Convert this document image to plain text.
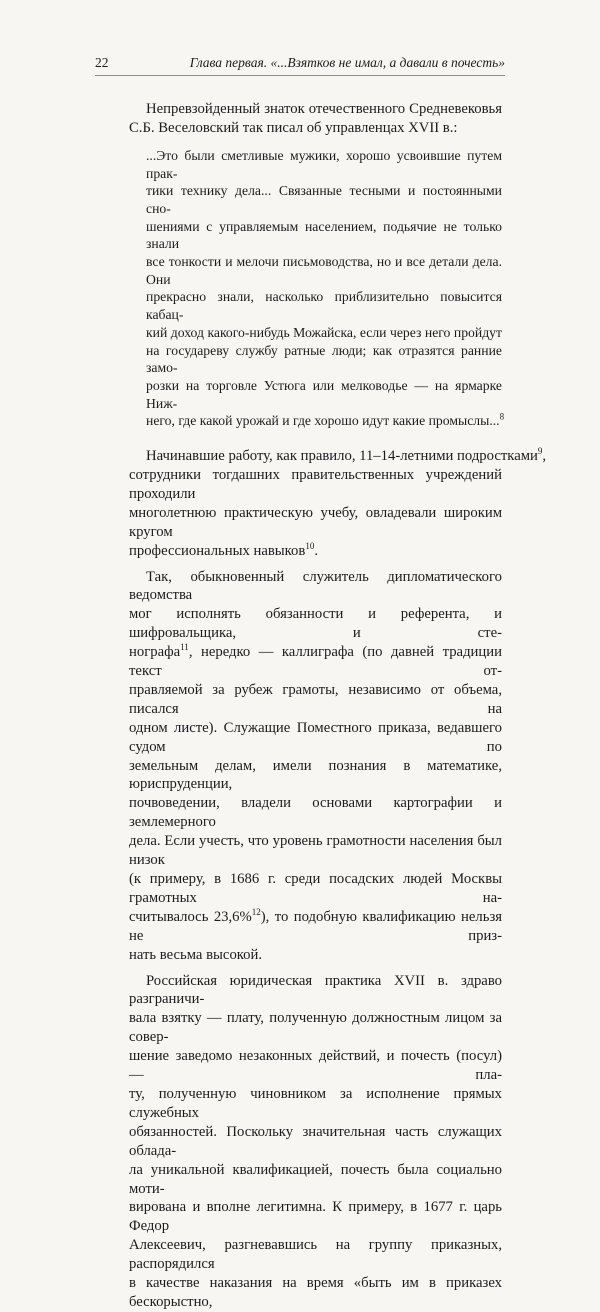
22	Глава первая. «...Взятков не имал, а давали в почесть»
Непревзойденный знаток отечественного Средневековья
С.Б. Веселовский так писал об управленцах XVII в.:
...Это были сметливые мужики, хорошо усвоившие путем прак-
тики технику дела... Связанные тесными и постоянными сно-
шениями с управляемым населением, подьячие не только знали
все тонкости и мелочи письмоводства, но и все детали дела. Они
прекрасно знали, насколько приблизительно повысится кабац-
кий доход какого-нибудь Можайска, если через него пройдут
на государеву службу ратные люди; как отразятся ранние замо-
розки на торговле Устюга или мелководье — на ярмарке Ниж-
него, где какой урожай и где хорошо идут какие промыслы...$^8$
Начинавшие работу, как правило, 11–14-летними подростками$^9$,
сотрудники тогдашних правительственных учреждений проходили
многолетнюю практическую учебу, овладевали широким кругом
профессиональных навыков$^{10}$.
Так, обыкновенный служитель дипломатического ведомства
мог исполнять обязанности и референта, и шифровальщика, и сте-
нографа$^{11}$, нередко — каллиграфа (по давней традиции текст от-
правляемой за рубеж грамоты, независимо от объема, писался на
одном листе). Служащие Поместного приказа, ведавшего судом по
земельным делам, имели познания в математике, юриспруденции,
почвоведении, владели основами картографии и землемерного
дела. Если учесть, что уровень грамотности населения был низок
(к примеру, в 1686 г. среди посадских людей Москвы грамотных на-
считывалось 23,6%$^{12}$), то подобную квалификацию нельзя не приз-
нать весьма высокой.
Российская юридическая практика XVII в. здраво разграничи-
вала взятку — плату, полученную должностным лицом за совер-
шение заведомо незаконных действий, и почесть (посул) — пла-
ту, полученную чиновником за исполнение прямых служебных
обязанностей. Поскольку значительная часть служащих облада-
ла уникальной квалификацией, почесть была социально моти-
вирована и вполне легитимна. К примеру, в 1677 г. царь Федор
Алексеевич, разгневавшись на группу приказных, распорядился
в качестве наказания на время «быть им в приказех бескорыстно,
